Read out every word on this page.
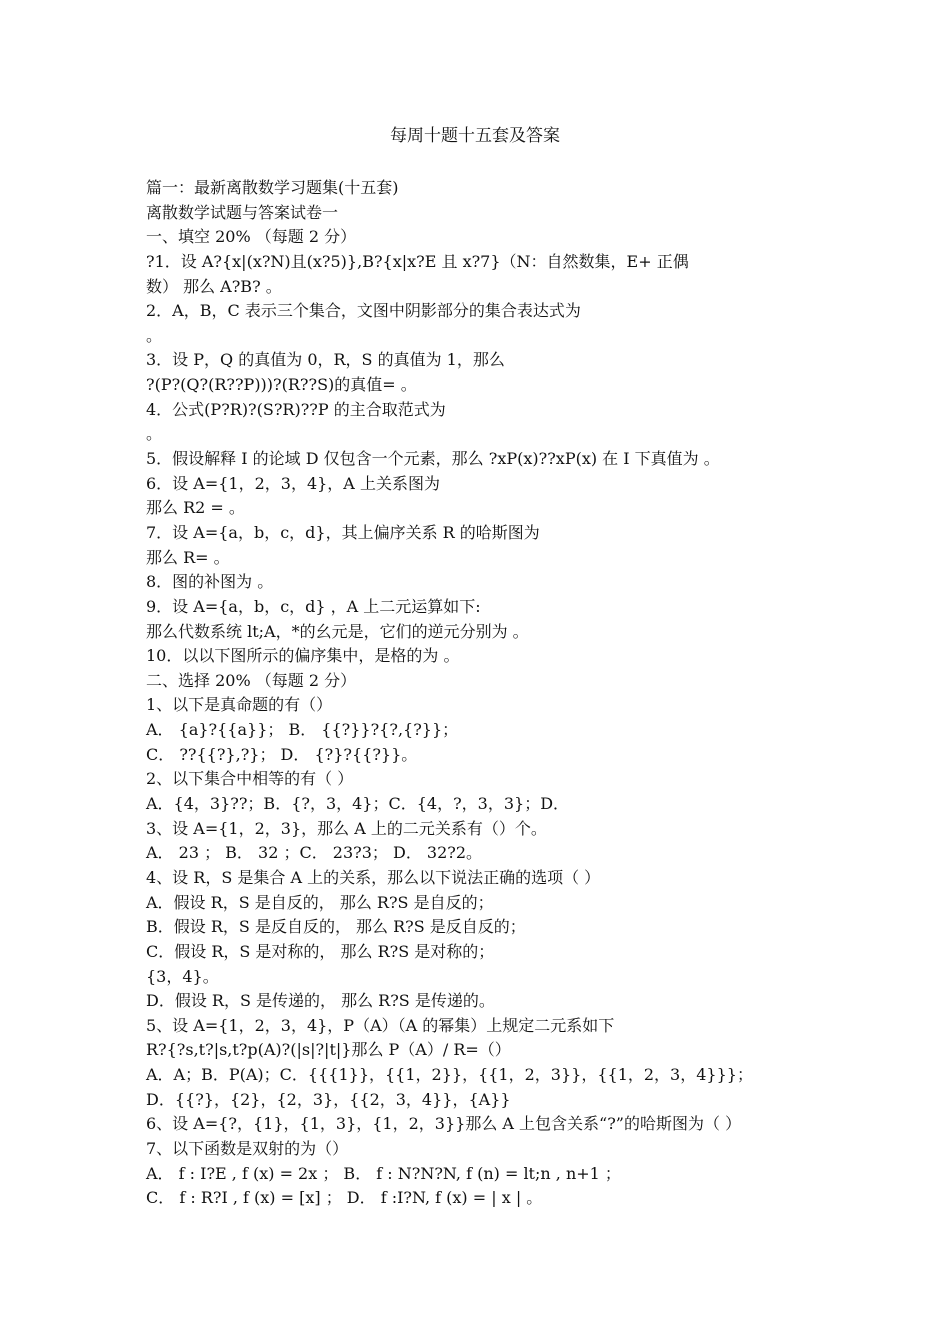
每周十题十五套及答案
篇一：最新离散数学习题集(十五套)
离散数学试题与答案试卷一
一、填空 20% （每题 2 分）
?1．设 A?{x|(x?N)且(x?5)},B?{x|x?E 且 x?7}（N：自然数集，E+ 正偶
数） 那么 A?B? 。
2．A，B，C 表示三个集合，文图中阴影部分的集合表达式为
。
3．设 P，Q 的真值为 0，R，S 的真值为 1，那么
?(P?(Q?(R??P)))?(R??S)的真值= 。
4．公式(P?R)?(S?R)??P 的主合取范式为
。
5．假设解释 I 的论域 D 仅包含一个元素，那么 ?xP(x)??xP(x) 在 I 下真值为 。
6．设 A={1，2，3，4}，A 上关系图为
那么 R2 = 。
7．设 A={a，b，c，d}，其上偏序关系 R 的哈斯图为
那么 R= 。
8．图的补图为 。
9．设 A={a，b，c，d} ，A 上二元运算如下:
那么代数系统 lt;A，*的幺元是，它们的逆元分别为 。
10．以以下图所示的偏序集中，是格的为 。
二、选择 20% （每题 2 分）
1、以下是真命题的有（）
A． {a}?{{a}}； B． {{?}}?{?,{?}}；
C． ??{{?},?}； D． {?}?{{?}}。
2、以下集合中相等的有（ ）
A．{4，3}??；B．{?，3，4}；C．{4，?，3，3}；D．
3、设 A={1，2，3}，那么 A 上的二元关系有（）个。
A． 23 ； B． 32 ；C． 23?3； D． 32?2。
4、设 R，S 是集合 A 上的关系，那么以下说法正确的选项（ ）
A．假设 R，S 是自反的， 那么 R?S 是自反的；
B．假设 R，S 是反自反的， 那么 R?S 是反自反的；
C．假设 R，S 是对称的， 那么 R?S 是对称的；
{3，4}。
D．假设 R，S 是传递的， 那么 R?S 是传递的。
5、设 A={1，2，3，4}，P（A）（A 的幂集）上规定二元系如下
R?{?s,t?|s,t?p(A)?(|s|?|t|}那么 P（A）/ R=（）
A．A；B．P(A)；C．{{{1}}，{{1，2}}，{{1，2，3}}，{{1，2，3，4}}}；
D．{{?}，{2}，{2，3}，{{2，3，4}}，{A}}
6、设 A={?，{1}，{1，3}，{1，2，3}}那么 A 上包含关系“?”的哈斯图为（ ）
7、以下函数是双射的为（）
A． f : I?E , f (x) = 2x ； B． f : N?N?N, f (n) = lt;n , n+1 ；
C． f : R?I , f (x) = [x] ； D． f :I?N, f (x) = | x | 。
